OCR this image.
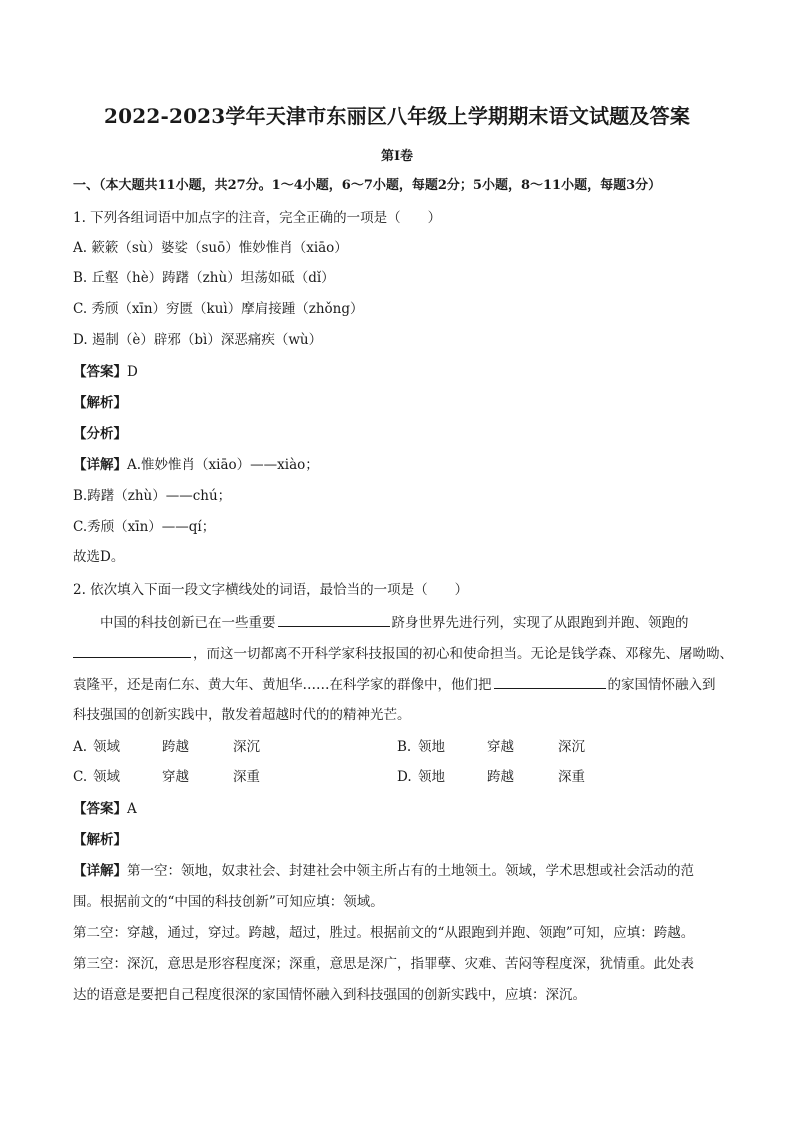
2022-2023学年天津市东丽区八年级上学期期末语文试题及答案
第Ⅰ卷
一、（本大题共11小题，共27分。1～4小题，6～7小题，每题2分；5小题，8～11小题，每题3分）
1. 下列各组词语中加点字的注音，完全正确的一项是（　　）
A. 簌簌（sù）婆娑（suō）惟妙惟肖（xiāo）
B. 丘壑（hè）踌躇（zhù）坦荡如砥（dǐ）
C. 秀颀（xīn）穷匮（kuì）摩肩接踵（zhǒng）
D. 遏制（è）辟邪（bì）深恶痛疾（wù）
【答案】D
【解析】
【分析】
【详解】A.惟妙惟肖（xiāo）——xiào；
B.踌躇（zhù）——chú；
C.秀颀（xīn）——qí；
故选D。
2. 依次填入下面一段文字横线处的词语，最恰当的一项是（　　）
中国的科技创新已在一些重要	跻身世界先进行列，实现了从跟跑到并跑、领跑的
，而这一切都离不开科学家科技报国的初心和使命担当。无论是钱学森、邓稼先、屠呦呦、
袁隆平，还是南仁东、黄大年、黄旭华……在科学家的群像中，他们把	的家国情怀融入到
科技强国的创新实践中，散发着超越时代的的精神光芒。
A. 领域	跨越	深沉	B. 领地	穿越	深沉
C. 领域	穿越	深重	D. 领地	跨越	深重
【答案】A
【解析】
【详解】第一空：领地，奴隶社会、封建社会中领主所占有的土地领土。领域，学术思想或社会活动的范
围。根据前文的“中国的科技创新”可知应填：领域。
第二空：穿越，通过，穿过。跨越，超过，胜过。根据前文的“从跟跑到并跑、领跑”可知，应填：跨越。
第三空：深沉，意思是形容程度深；深重，意思是深广，指罪孽、灾难、苦闷等程度深，犹情重。此处表
达的语意是要把自己程度很深的家国情怀融入到科技强国的创新实践中，应填：深沉。
